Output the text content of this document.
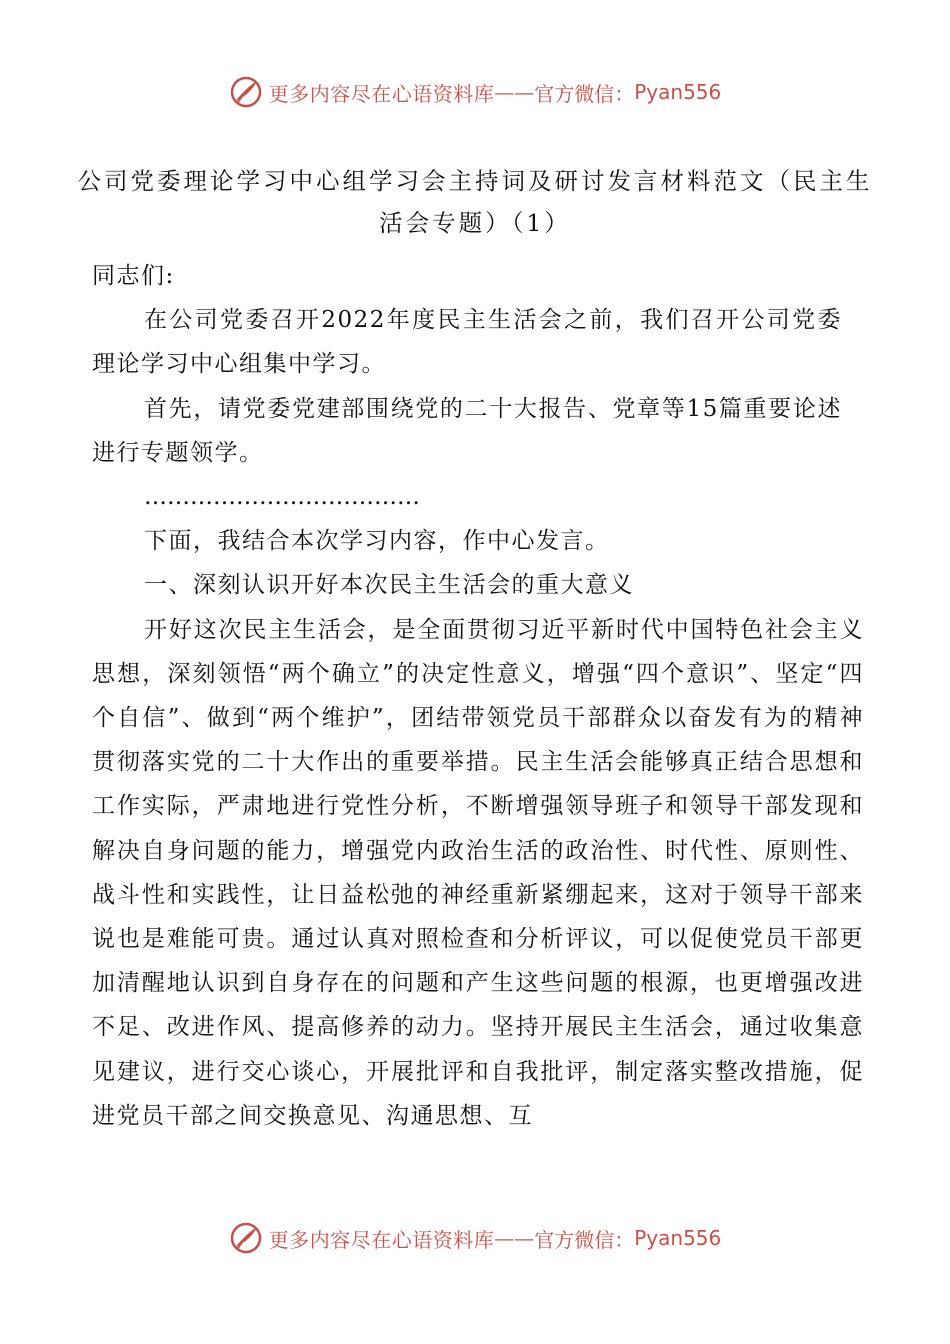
更多内容尽在心语资料库 —— 官方微信： Pyan556
公司党委理论学习中心组学习会主持词及研讨发言材料范文（民主生活会专题）（1）

同志们:

在公司党委召开2022年度民主生活会之前，我们召开公司党委理论学习中心组集中学习。

首先，请党委党建部围绕党的二十大报告、党章等15篇重要论述进行专题领学。

………………………………

下面，我结合本次学习内容，作中心发言。

一、深刻认识开好本次民主生活会的重大意义

开好这次民主生活会，是全面贯彻习近平新时代中国特色社会主义思想，深刻领悟“两个确立”的决定性意义，增强“四个意识”、坚定“四个自信”、做到“两个维护”，团结带领党员干部群众以奋发有为的精神贯彻落实党的二十大作出的重要举措。民主生活会能够真正结合思想和工作实际，严肃地进行党性分析，不断增强领导班子和领导干部发现和解决自身问题的能力，增强党内政治生活的政治性、时代性、原则性、战斗性和实践性，让日益松弛的神经重新紧绷起来，这对于领导干部来说也是难能可贵。通过认真对照检查和分析评议，可以促使党员干部更加清醒地认识到自身存在的问题和产生这些问题的根源，也更增强改进不足、改进作风、提高修养的动力。坚持开展民主生活会，通过收集意见建议，进行交心谈心，开展批评和自我批评，制定落实整改措施，促进党员干部之间交换意见、沟通思想、互

更多内容尽在心语资料库 —— 官方微信： Pyan556
